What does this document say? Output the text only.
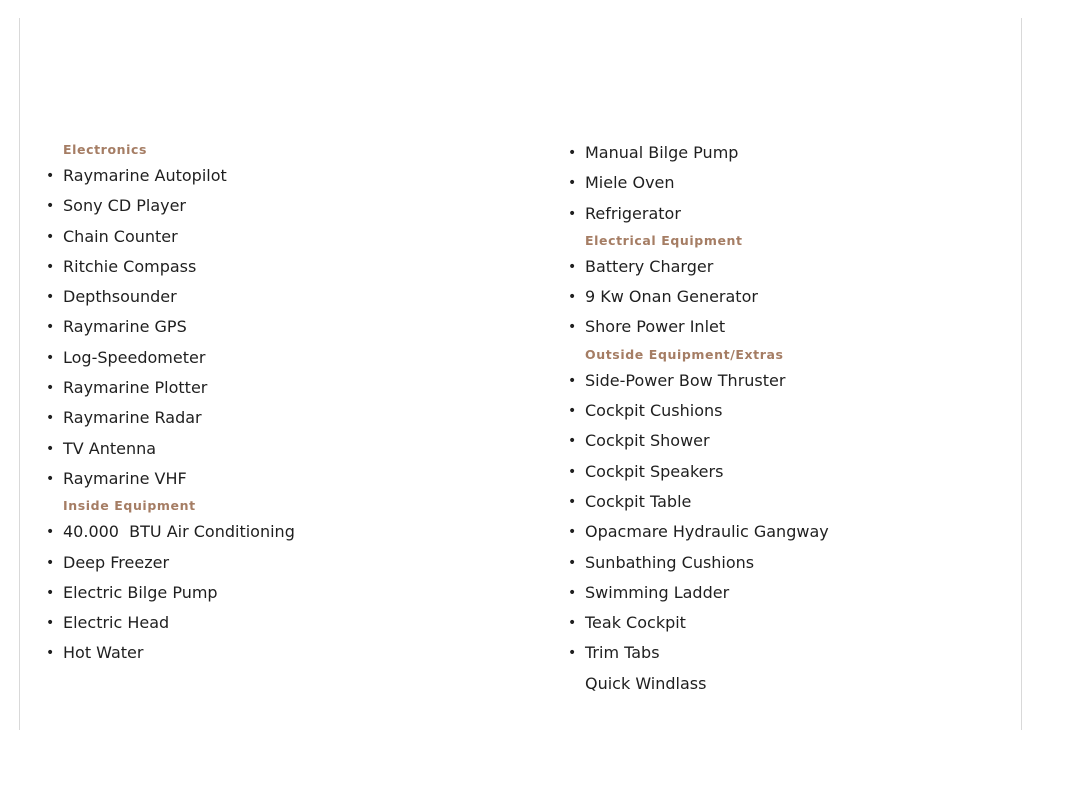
Electronics
• Raymarine Autopilot
• Sony CD Player
• Chain Counter
• Ritchie Compass
• Depthsounder
• Raymarine GPS
• Log-Speedometer
• Raymarine Plotter
• Raymarine Radar
• TV Antenna
• Raymarine VHF
Inside Equipment
• 40.000  BTU Air Conditioning
• Deep Freezer
• Electric Bilge Pump
• Electric Head
• Hot Water
• Manual Bilge Pump
• Miele Oven
• Refrigerator
Electrical Equipment
• Battery Charger
• 9 Kw Onan Generator
• Shore Power Inlet
Outside Equipment/Extras
• Side-Power Bow Thruster
• Cockpit Cushions
• Cockpit Shower
• Cockpit Speakers
• Cockpit Table
• Opacmare Hydraulic Gangway
• Sunbathing Cushions
• Swimming Ladder
• Teak Cockpit
• Trim Tabs
Quick Windlass
